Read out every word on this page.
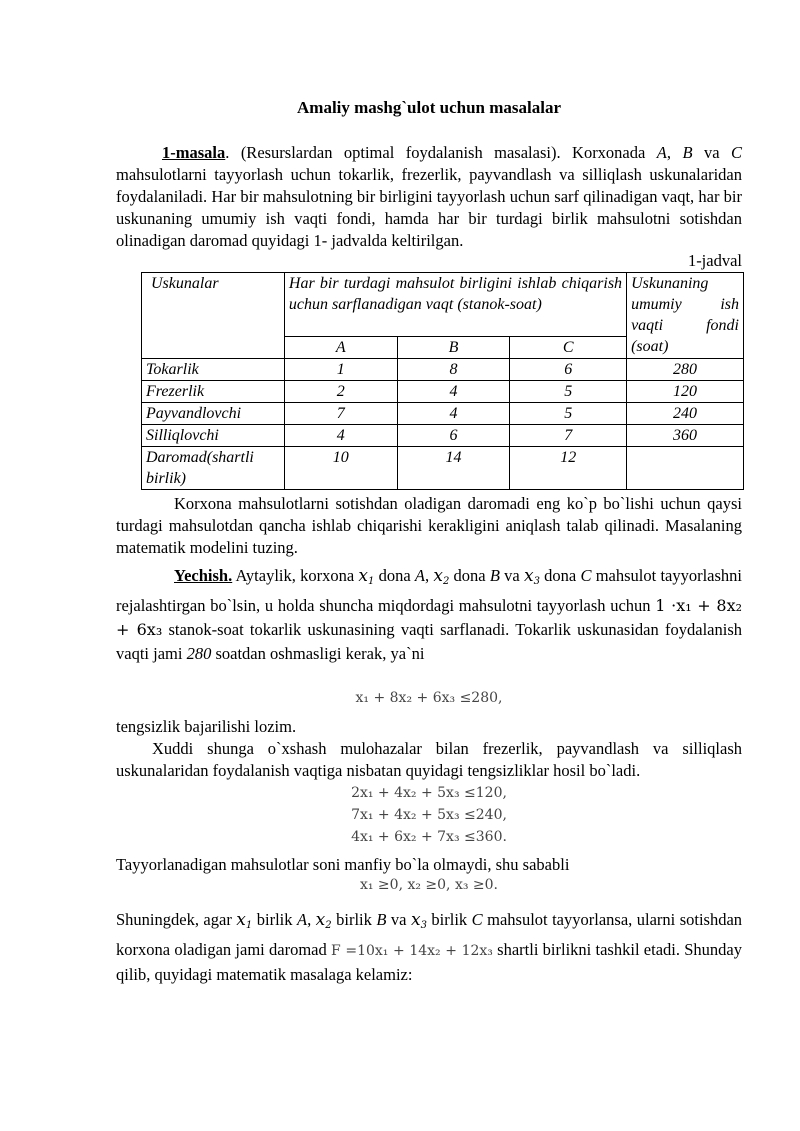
Amaliy mashg`ulot uchun masalalar
1-masala. (Resurslardan optimal foydalanish masalasi). Korxonada A, B va C mahsulotlarni tayyorlash uchun tokarlik, frezerlik, payvandlash va silliqlash uskunalaridan foydalaniladi. Har bir mahsulotning bir birligini tayyorlash uchun sarf qilinadigan vaqt, har bir uskunaning umumiy ish vaqti fondi, hamda har bir turdagi birlik mahsulotni sotishdan olinadigan daromad quyidagi 1- jadvalda keltirilgan.
1-jadval
Uskunalar	Har bir turdagi mahsulot birligini ishlab chiqarish uchun sarflanadigan vaqt (stanok-soat)			Uskunaning umumiy ish vaqti fondi (soat)
	A	B	C	
Tokarlik	1	8	6	280
Frezerlik	2	4	5	120
Payvandlovchi	7	4	5	240
Silliqlovchi	4	6	7	360
Daromad(shartli birlik)	10	14	12	
Korxona mahsulotlarni sotishdan oladigan daromadi eng ko`p bo`lishi uchun qaysi turdagi mahsulotdan qancha ishlab chiqarishi kerakligini aniqlash talab qilinadi. Masalaning matematik modelini tuzing.
Yechish. Aytaylik, korxona $x_1$ dona A, $x_2$ dona B va $x_3$ dona C mahsulot tayyorlashni rejalashtirgan bo`lsin, u holda shuncha miqdordagi mahsulotni tayyorlash uchun 1 ·x₁ + 8x₂ + 6x₃ stanok-soat tokarlik uskunasining vaqti sarflanadi. Tokarlik uskunasidan foydalanish vaqti jami 280 soatdan oshmasligi kerak, ya`ni
x₁ + 8x₂ + 6x₃ ≤280,
tengsizlik bajarilishi lozim.
Xuddi shunga o`xshash mulohazalar bilan frezerlik, payvandlash va silliqlash uskunalaridan foydalanish vaqtiga nisbatan quyidagi tengsizliklar hosil bo`ladi.
2x₁ + 4x₂ + 5x₃ ≤120,
7x₁ + 4x₂ + 5x₃ ≤240,
4x₁ + 6x₂ + 7x₃ ≤360.
Tayyorlanadigan mahsulotlar soni manfiy bo`la olmaydi, shu sababli
x₁ ≥0, x₂ ≥0, x₃ ≥0.
Shuningdek, agar $x_1$ birlik A, $x_2$ birlik B va $x_3$ birlik C mahsulot tayyorlansa, ularni sotishdan korxona oladigan jami daromad F =10x₁ + 14x₂ + 12x₃ shartli birlikni tashkil etadi. Shunday qilib, quyidagi matematik masalaga kelamiz:
